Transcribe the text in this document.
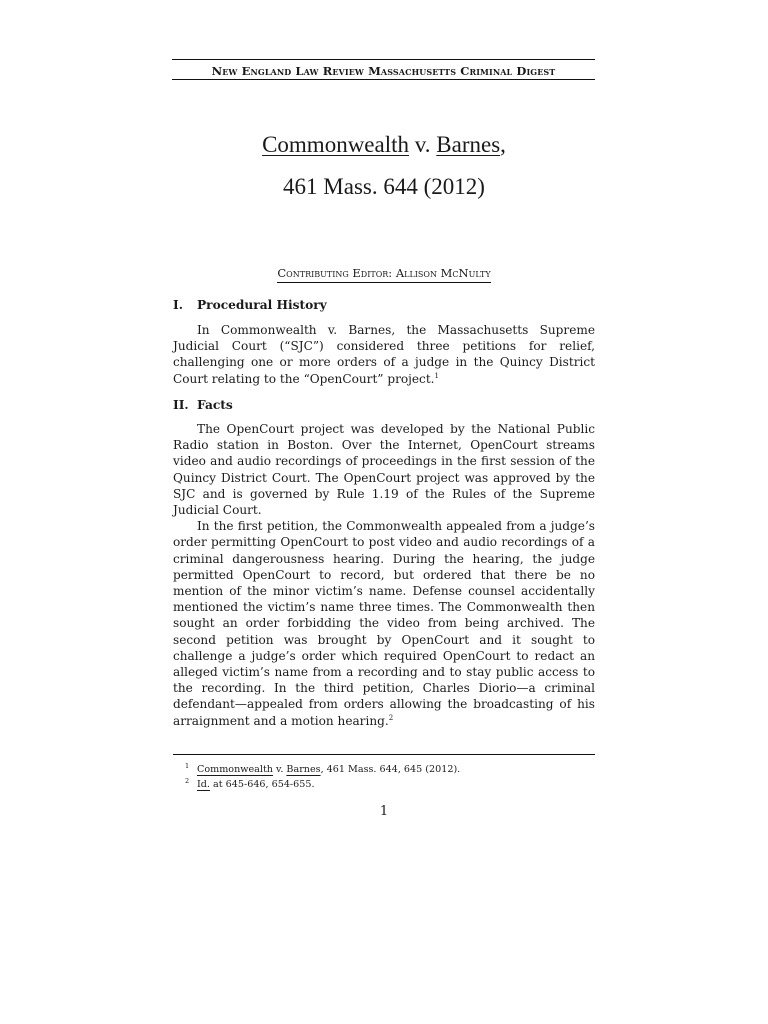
New England Law Review Massachusetts Criminal Digest
Commonwealth v. Barnes,
461 Mass. 644 (2012)
Contributing Editor: Allison McNulty
I. Procedural History

In Commonwealth v. Barnes, the Massachusetts Supreme Judicial Court (“SJC”) considered three petitions for relief, challenging one or more orders of a judge in the Quincy District Court relating to the “OpenCourt” project.$^1$

II. Facts

The OpenCourt project was developed by the National Public Radio station in Boston. Over the Internet, OpenCourt streams video and audio recordings of proceedings in the first session of the Quincy District Court. The OpenCourt project was approved by the SJC and is governed by Rule 1.19 of the Rules of the Supreme Judicial Court.

In the first petition, the Commonwealth appealed from a judge’s order permitting OpenCourt to post video and audio recordings of a criminal dangerousness hearing. During the hearing, the judge permitted OpenCourt to record, but ordered that there be no mention of the minor victim’s name. Defense counsel accidentally mentioned the victim’s name three times. The Commonwealth then sought an order forbidding the video from being archived. The second petition was brought by OpenCourt and it sought to challenge a judge’s order which required OpenCourt to redact an alleged victim’s name from a recording and to stay public access to the recording. In the third petition, Charles Diorio—a criminal defendant—appealed from orders allowing the broadcasting of his arraignment and a motion hearing.$^2$

1 Commonwealth v. Barnes, 461 Mass. 644, 645 (2012).
2 Id. at 645-646, 654-655.
1
